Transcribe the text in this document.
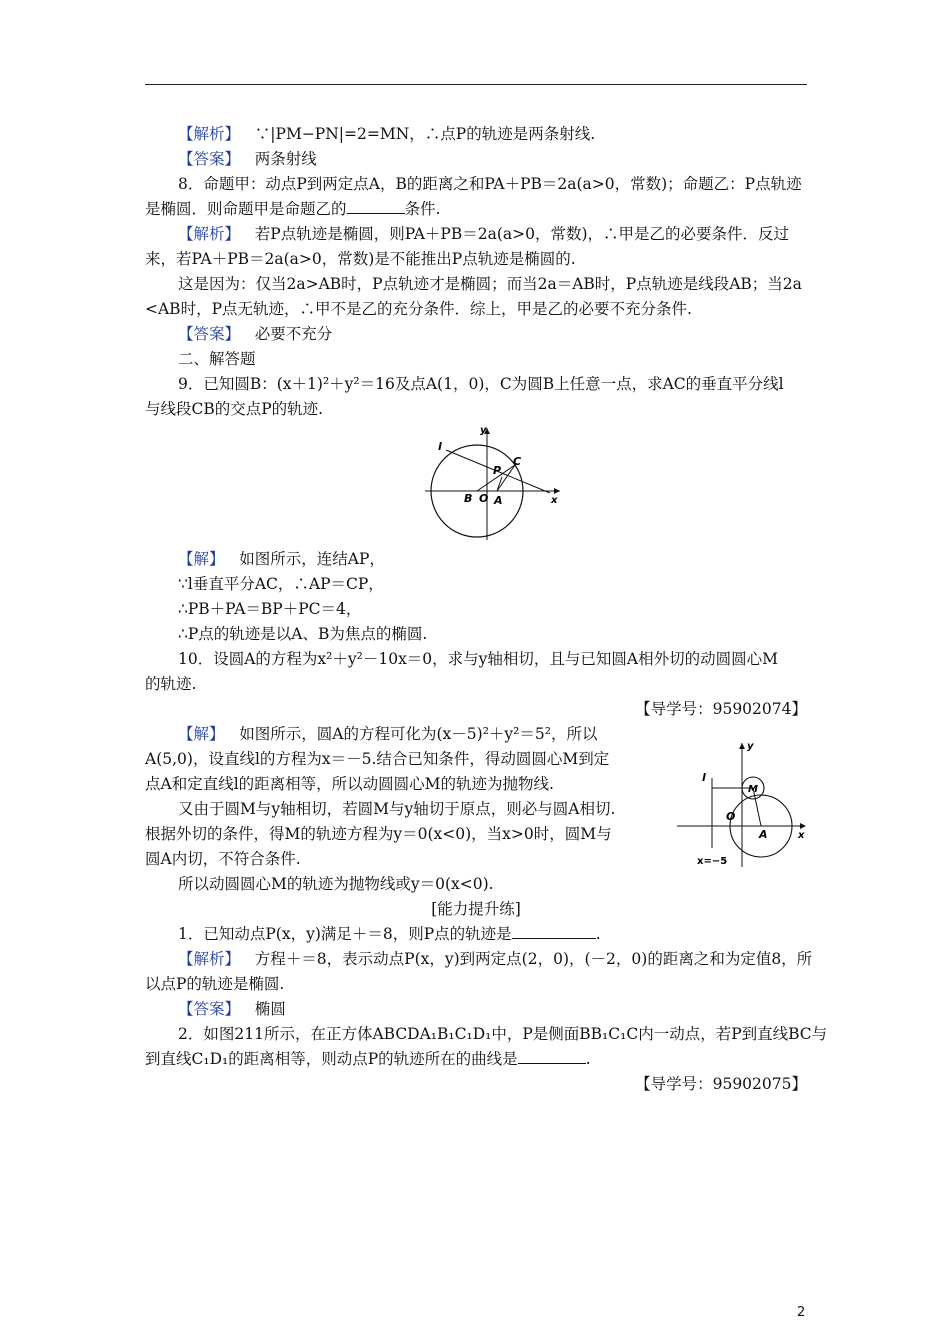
【解析】 ∵|PM−PN|=2=MN，∴点P的轨迹是两条射线.
【答案】 两条射线
8．命题甲：动点P到两定点A，B的距离之和PA＋PB＝2a(a>0，常数)；命题乙：P点轨迹
是椭圆．则命题甲是命题乙的	条件.
【解析】 若P点轨迹是椭圆，则PA＋PB＝2a(a>0，常数)，∴甲是乙的必要条件．反过
来，若PA＋PB＝2a(a>0，常数)是不能推出P点轨迹是椭圆的.
这是因为：仅当2a>AB时，P点轨迹才是椭圆；而当2a＝AB时，P点轨迹是线段AB；当2a
<AB时，P点无轨迹，∴甲不是乙的充分条件．综上，甲是乙的必要不充分条件.
【答案】 必要不充分
二、解答题
9．已知圆B：(x＋1)²＋y²＝16及点A(1，0)，C为圆B上任意一点，求AC的垂直平分线l
与线段CB的交点P的轨迹.
y
x
l
P
C
B O A
【解】 如图所示，连结AP，
∵l垂直平分AC，∴AP＝CP，
∴PB＋PA＝BP＋PC＝4，
∴P点的轨迹是以A、B为焦点的椭圆.
10．设圆A的方程为x²＋y²－10x＝0，求与y轴相切，且与已知圆A相外切的动圆圆心M
的轨迹.
【导学号：95902074】
【解】 如图所示，圆A的方程可化为(x－5)²＋y²＝5²，所以
A(5,0)，设直线l的方程为x＝－5.结合已知条件，得动圆圆心M到定
点A和定直线l的距离相等，所以动圆圆心M的轨迹为抛物线.
又由于圆M与y轴相切，若圆M与y轴切于原点，则必与圆A相切.
根据外切的条件，得M的轨迹方程为y＝0(x<0)，当x>0时，圆M与
圆A内切，不符合条件.
所以动圆圆心M的轨迹为抛物线或y＝0(x<0).
y
x
l
M
O
A
x=−5
[能力提升练]
1．已知动点P(x，y)满足＋＝8，则P点的轨迹是	.
【解析】 方程＋＝8，表示动点P(x，y)到两定点(2，0)，(－2，0)的距离之和为定值8，所
以点P的轨迹是椭圆.
【答案】 椭圆
2．如图211所示，在正方体ABCDA₁B₁C₁D₁中，P是侧面BB₁C₁C内一动点，若P到直线BC与
到直线C₁D₁的距离相等，则动点P的轨迹所在的曲线是	.
【导学号：95902075】
2
